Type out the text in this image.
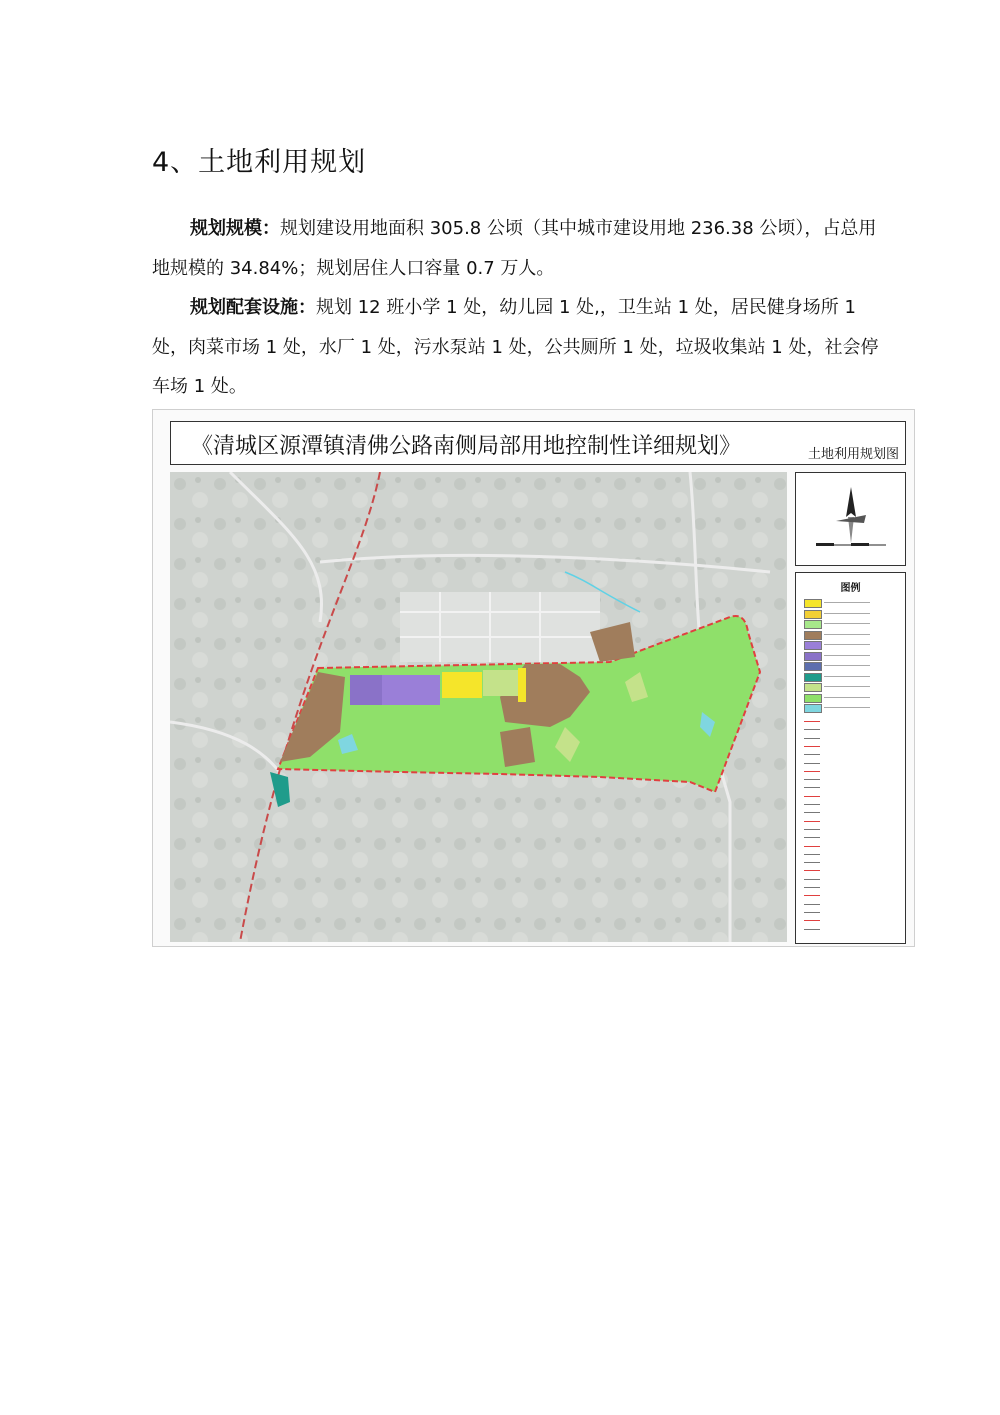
4、土地利用规划
规划规模：规划建设用地面积 305.8 公顷（其中城市建设用地 236.38 公顷），占总用地规模的 34.84%；规划居住人口容量 0.7 万人。
规划配套设施：规划 12 班小学 1 处，幼儿园 1 处,，卫生站 1 处，居民健身场所 1 处，肉菜市场 1 处，水厂 1 处，污水泵站 1 处，公共厕所 1 处，垃圾收集站 1 处，社会停车场 1 处。
《清城区源潭镇清佛公路南侧局部用地控制性详细规划》	土地利用规划图
图例
